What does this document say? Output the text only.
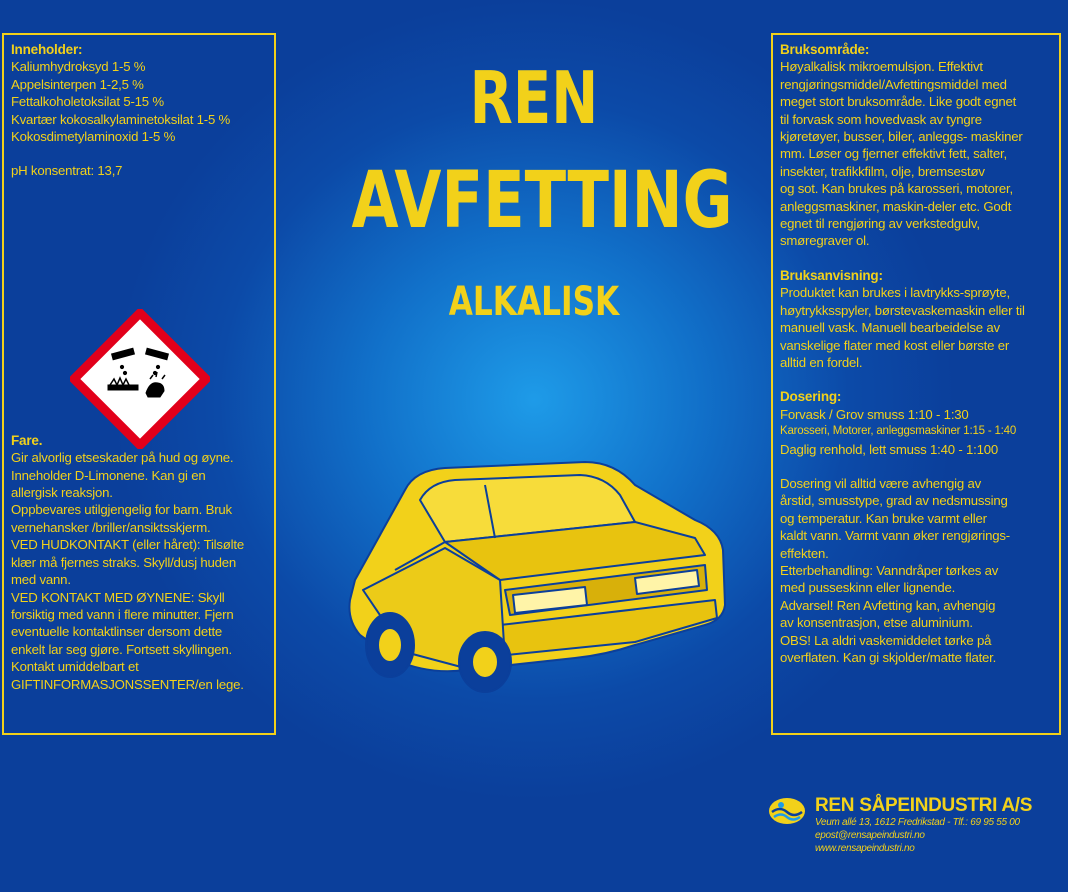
Inneholder:

Kaliumhydroksyd 1-5 %

Appelsinterpen 1-2,5 %

Fettalkoholetoksilat 5-15 %

Kvartær kokosalkylaminetoksilat 1-5 %

Kokosdimetylaminoxid 1-5 %

pH konsentrat: 13,7

Fare.

Gir alvorlig etseskader på hud og øyne.

Inneholder D-Limonene. Kan gi en

allergisk reaksjon.

Oppbevares utilgjengelig for barn. Bruk

vernehansker /briller/ansiktsskjerm.

VED HUDKONTAKT (eller håret): Tilsølte

klær må fjernes straks. Skyll/dusj huden

med vann.

VED KONTAKT MED ØYNENE: Skyll

forsiktig med vann i flere minutter. Fjern

eventuelle kontaktlinser dersom dette

enkelt lar seg gjøre. Fortsett skyllingen.

Kontakt umiddelbart et

GIFTINFORMASJONSSENTER/en lege.

REN
AVFETTING
ALKALISK

Bruksområde:

Høyalkalisk mikroemulsjon. Effektivt

rengjøringsmiddel/Avfettingsmiddel med

meget stort bruksområde. Like godt egnet

til forvask som hovedvask av tyngre

kjøretøyer, busser, biler, anleggs- maskiner

mm. Løser og fjerner effektivt fett, salter,

insekter, trafikkfilm, olje, bremsestøv

og sot. Kan brukes på karosseri, motorer,

anleggsmaskiner, maskin-deler etc. Godt

egnet til rengjøring av verkstedgulv,

smøregraver ol.

Bruksanvisning:

Produktet kan brukes i lavtrykks-sprøyte,

høytrykksspyler, børstevaskemaskin eller til

manuell vask. Manuell bearbeidelse av

vanskelige flater med kost eller børste er

alltid en fordel.

Dosering:

Forvask / Grov smuss 1:10 - 1:30

Karosseri, Motorer, anleggsmaskiner 1:15 - 1:40

Daglig renhold, lett smuss 1:40 - 1:100

Dosering vil alltid være avhengig av

årstid, smusstype, grad av nedsmussing

og temperatur. Kan bruke varmt eller

kaldt vann. Varmt vann øker rengjørings-

effekten.

Etterbehandling: Vanndråper tørkes av

med pusseskinn eller lignende.

Advarsel! Ren Avfetting kan, avhengig

av konsentrasjon, etse aluminium.

OBS! La aldri vaskemiddelet tørke på

overflaten. Kan gi skjolder/matte flater.

REN SÅPEINDUSTRI A/S
Veum allé 13, 1612 Fredrikstad - Tlf.: 69 95 55 00
epost@rensapeindustri.no
www.rensapeindustri.no
